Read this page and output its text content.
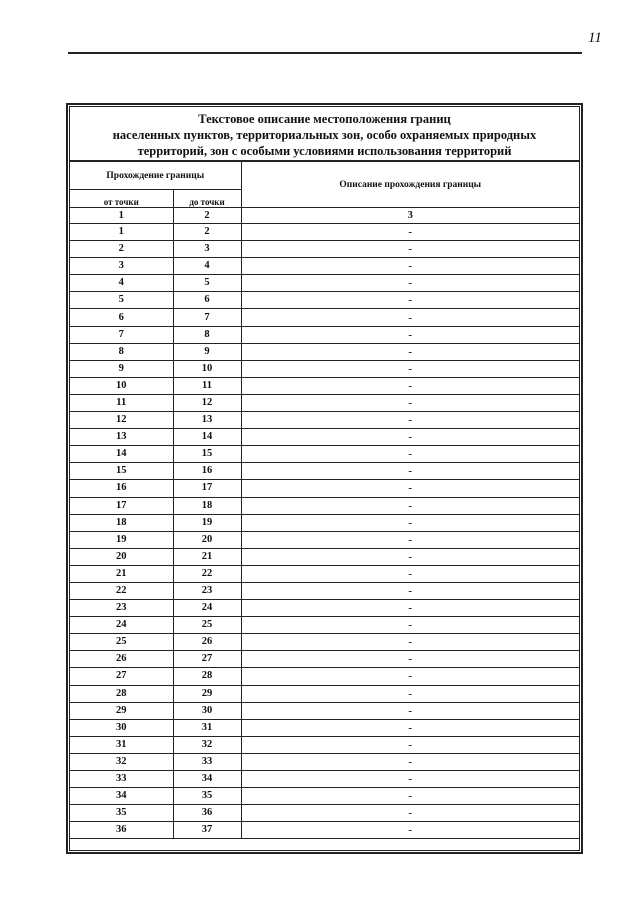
11
Текстовое описание местоположения границ
населенных пунктов, территориальных зон, особо охраняемых природных
территорий, зон с особыми условиями использования территорий
Прохождение границы		Описание прохождения границы

от точки	до точки	

1	2	3
1	2	-
2	3	-
3	4	-
4	5	-
5	6	-
6	7	-
7	8	-
8	9	-
9	10	-
10	11	-
11	12	-
12	13	-
13	14	-
14	15	-
15	16	-
16	17	-
17	18	-
18	19	-
19	20	-
20	21	-
21	22	-
22	23	-
23	24	-
24	25	-
25	26	-
26	27	-
27	28	-
28	29	-
29	30	-
30	31	-
31	32	-
32	33	-
33	34	-
34	35	-
35	36	-
36	37	-
